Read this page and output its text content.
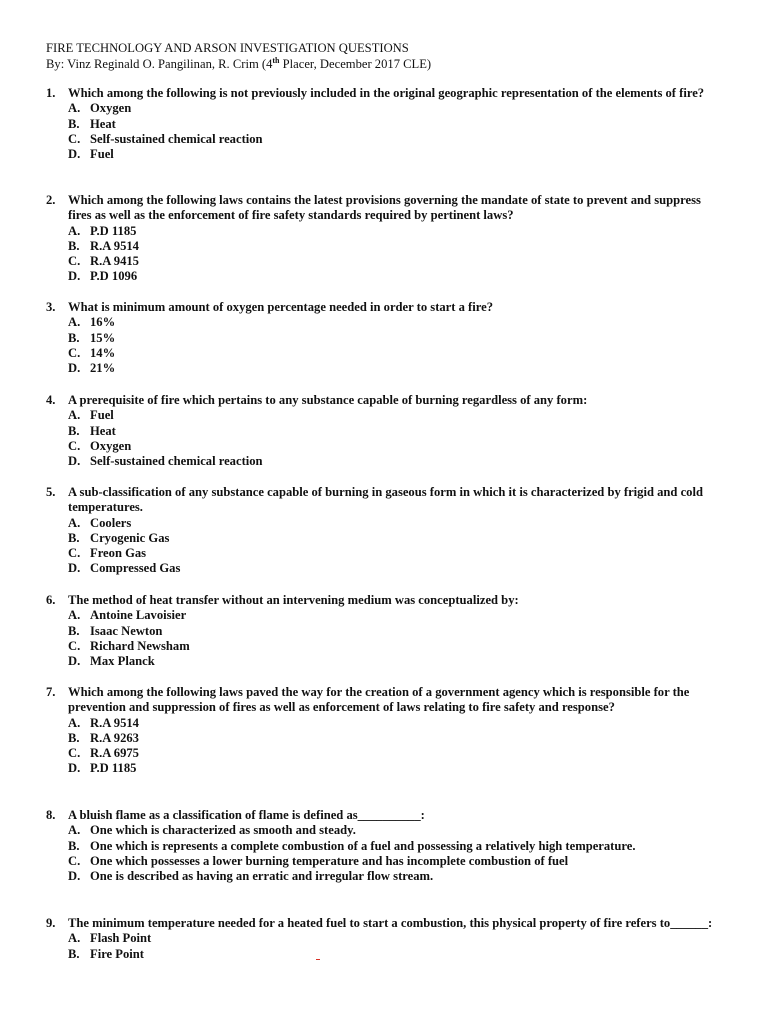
FIRE TECHNOLOGY AND ARSON INVESTIGATION QUESTIONS
By: Vinz Reginald O. Pangilinan, R. Crim (4th Placer, December 2017 CLE)
1. Which among the following is not previously included in the original geographic representation of the elements of fire?
A. Oxygen
B. Heat
C. Self-sustained chemical reaction
D. Fuel
2. Which among the following laws contains the latest provisions governing the mandate of state to prevent and suppress fires as well as the enforcement of fire safety standards required by pertinent laws?
A. P.D 1185
B. R.A 9514
C. R.A 9415
D. P.D 1096
3. What is minimum amount of oxygen percentage needed in order to start a fire?
A. 16%
B. 15%
C. 14%
D. 21%
4. A prerequisite of fire which pertains to any substance capable of burning regardless of any form:
A. Fuel
B. Heat
C. Oxygen
D. Self-sustained chemical reaction
5. A sub-classification of any substance capable of burning in gaseous form in which it is characterized by frigid and cold temperatures.
A. Coolers
B. Cryogenic Gas
C. Freon Gas
D. Compressed Gas
6. The method of heat transfer without an intervening medium was conceptualized by:
A. Antoine Lavoisier
B. Isaac Newton
C. Richard Newsham
D. Max Planck
7. Which among the following laws paved the way for the creation of a government agency which is responsible for the prevention and suppression of fires as well as enforcement of laws relating to fire safety and response?
A. R.A 9514
B. R.A 9263
C. R.A 6975
D. P.D 1185
8. A bluish flame as a classification of flame is defined as__________:
A. One which is characterized as smooth and steady.
B. One which is represents a complete combustion of a fuel and possessing a relatively high temperature.
C. One which possesses a lower burning temperature and has incomplete combustion of fuel
D. One is described as having an erratic and irregular flow stream.
9. The minimum temperature needed for a heated fuel to start a combustion, this physical property of fire refers to______:
A. Flash Point
B. Fire Point
